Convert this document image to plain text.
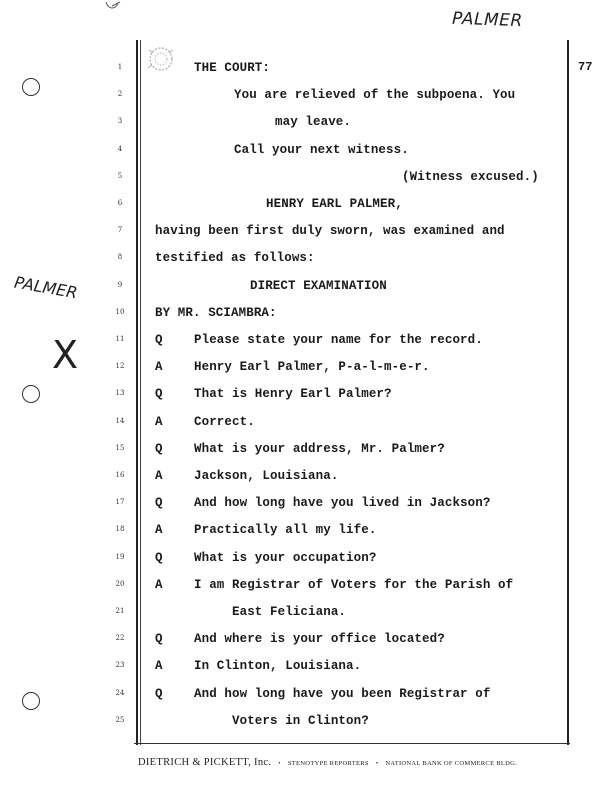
77
PALMER
PALMER
X
1
2
3
4
5
6
7
8
9
10
11
12
13
14
15
16
17
18
19
20
21
22
23
24
25
THE COURT:
You are relieved of the subpoena. You
may leave.
Call your next witness.
(Witness excused.)
HENRY EARL PALMER,
having been first duly sworn, was examined and
testified as follows:
DIRECT EXAMINATION
BY MR. SCIAMBRA:
Q	Please state your name for the record.
A	Henry Earl Palmer, P-a-l-m-e-r.
Q	That is Henry Earl Palmer?
A	Correct.
Q	What is your address, Mr. Palmer?
A	Jackson, Louisiana.
Q	And how long have you lived in Jackson?
A	Practically all my life.
Q	What is your occupation?
A	I am Registrar of Voters for the Parish of
East Feliciana.
Q	And where is your office located?
A	In Clinton, Louisiana.
Q	And how long have you been Registrar of
Voters in Clinton?
DIETRICH & PICKETT, Inc. • STENOTYPE REPORTERS • NATIONAL BANK OF COMMERCE BLDG.
